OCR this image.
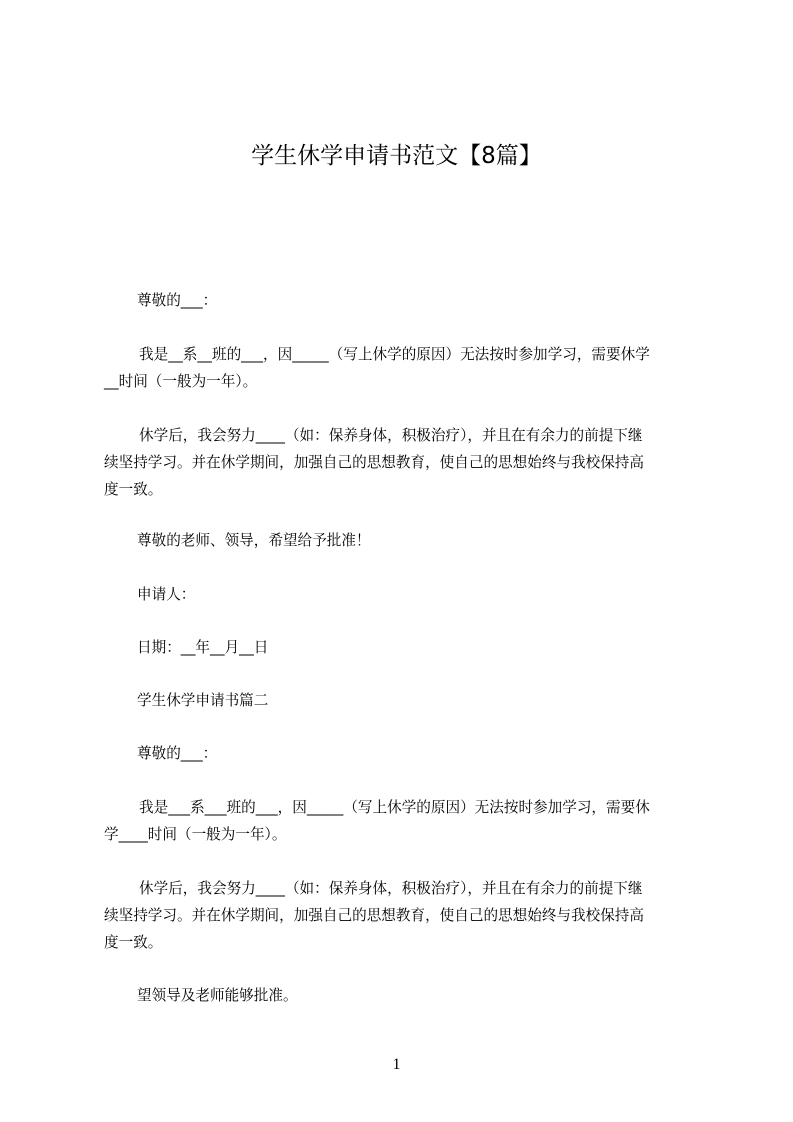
学生休学申请书范文【8篇】
尊敬的___：
我是__系__班的___，因_____（写上休学的原因）无法按时参加学习，需要休学
__时间（一般为一年）。
休学后，我会努力____（如：保养身体，积极治疗），并且在有余力的前提下继
续坚持学习。并在休学期间，加强自己的思想教育，使自己的思想始终与我校保持高
度一致。
尊敬的老师、领导，希望给予批准！
申请人：
日期：__年__月__日
学生休学申请书篇二
尊敬的___：
我是___系___班的___，因_____（写上休学的原因）无法按时参加学习，需要休
学____时间（一般为一年）。
休学后，我会努力____（如：保养身体，积极治疗），并且在有余力的前提下继
续坚持学习。并在休学期间，加强自己的思想教育，使自己的思想始终与我校保持高
度一致。
望领导及老师能够批准。
1
